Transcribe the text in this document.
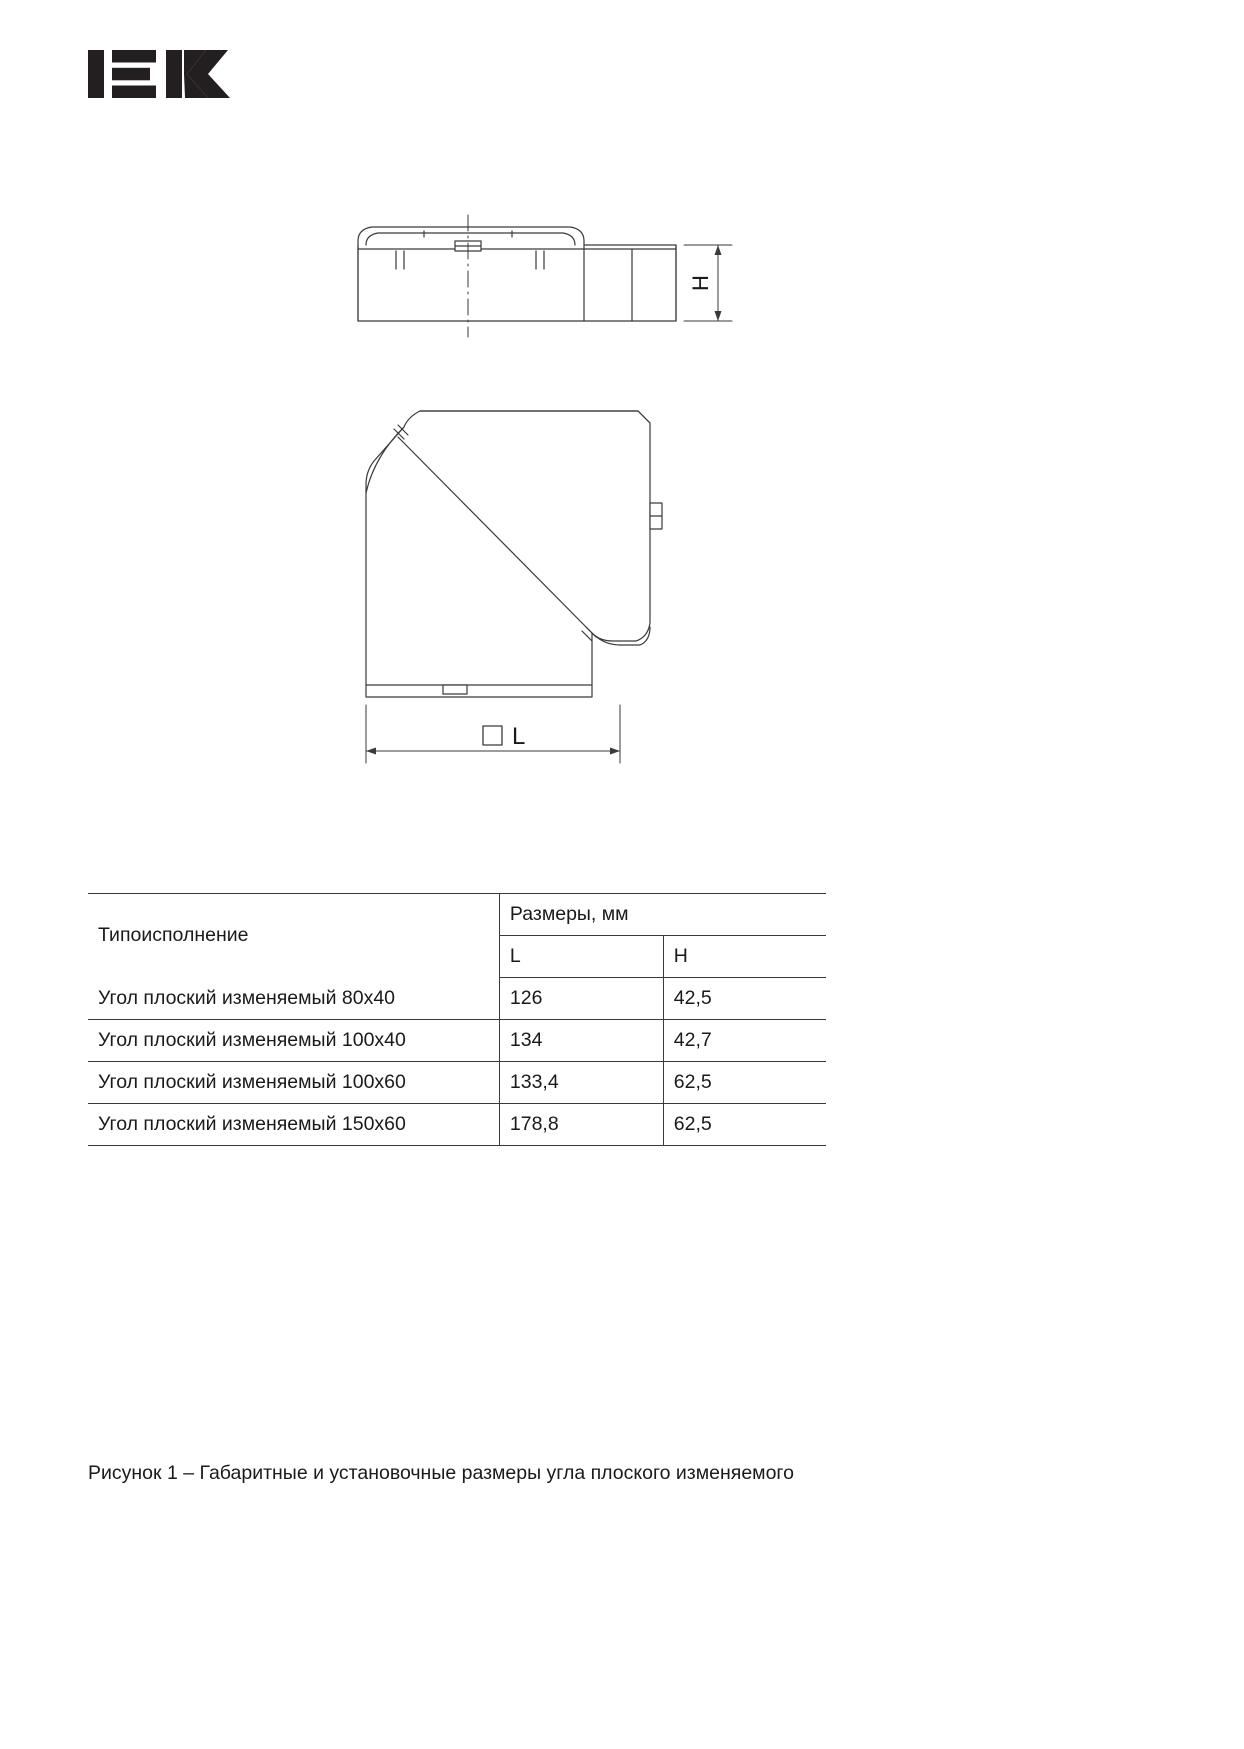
H
L
Типоисполнение	Размеры, мм	
	L	H
Угол плоский изменяемый 80х40	126	42,5
Угол плоский изменяемый 100х40	134	42,7
Угол плоский изменяемый 100х60	133,4	62,5
Угол плоский изменяемый 150х60	178,8	62,5
Рисунок 1 – Габаритные и установочные размеры угла плоского изменяемого
